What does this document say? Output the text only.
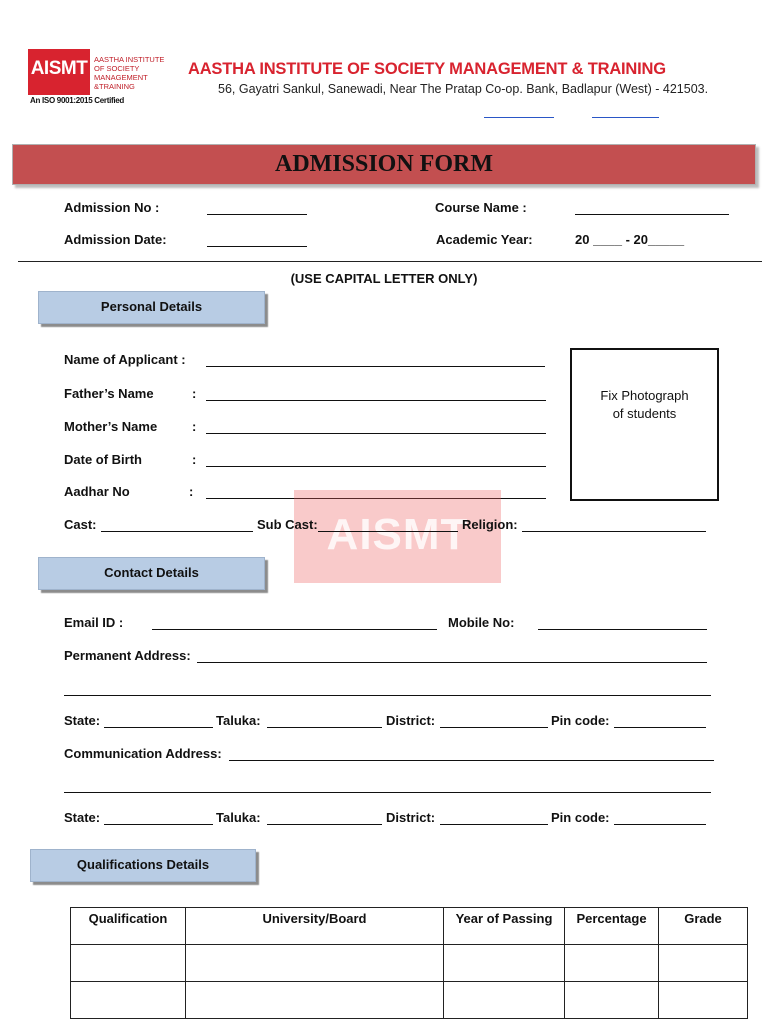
AISMT AASTHA INSTITUTE OF SOCIETY MANAGEMENT &TRAINING
An ISO 9001:2015 Certified
AASTHA INSTITUTE OF SOCIETY MANAGEMENT & TRAINING
56, Gayatri Sankul, Sanewadi, Near The Pratap Co-op. Bank, Badlapur (West) - 421503.
ADMISSION FORM
Admission No :	Course Name :
Admission Date:	Academic Year:	20 ____ - 20_____
(USE CAPITAL LETTER ONLY)
Personal Details
Name of Applicant :
Father’s Name	:
Mother’s Name	:
Date of Birth	:
Aadhar No	:
AISMT
Cast:	Sub Cast:	Religion:
Fix Photograph of students
Contact Details
Email ID :	Mobile No:
Permanent Address:
State:	Taluka:	District:	Pin code:
Communication Address:
State:	Taluka:	District:	Pin code:
Qualifications Details
Qualification	University/Board	Year of Passing	Percentage	Grade
